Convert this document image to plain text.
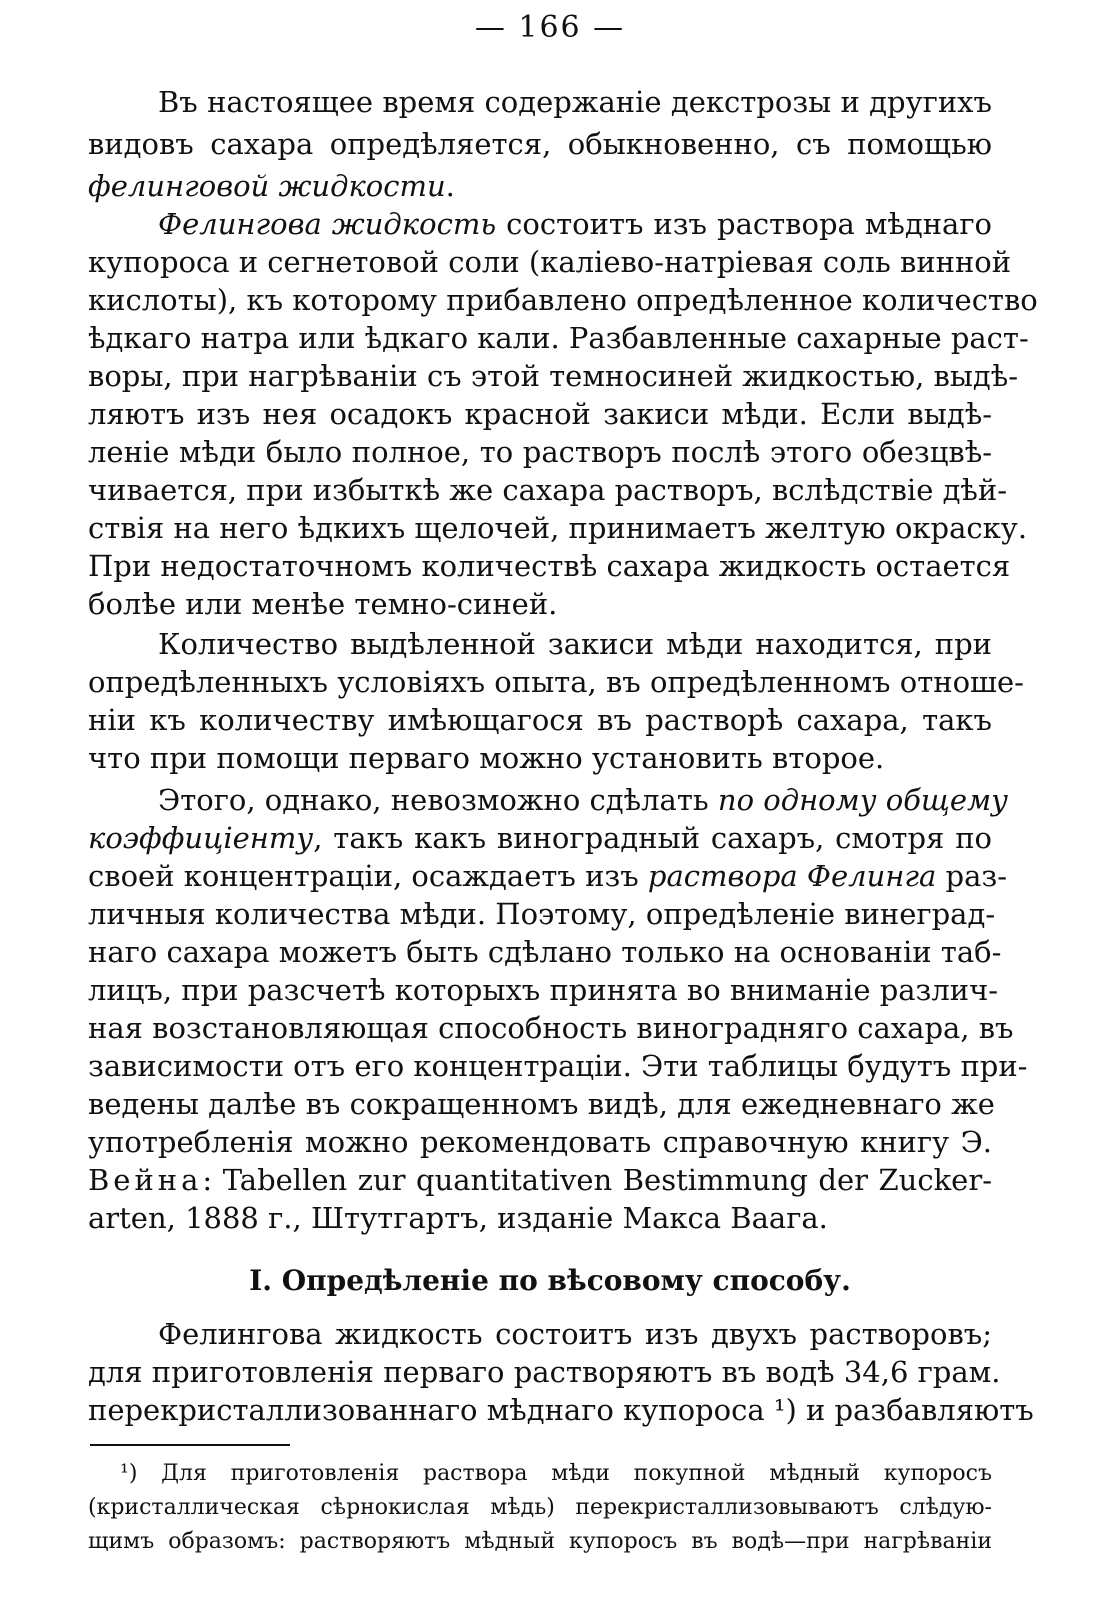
— 166 —
Въ настоящее время содержаніе декстрозы и другихъ
видовъ сахара опредѣляется, обыкновенно, съ помощью
фелинговой жидкости.
Фелингова жидкость состоитъ изъ раствора мѣднаго
купороса и сегнетовой соли (каліево-натріевая соль винной
кислоты), къ которому прибавлено опредѣленное количество
ѣдкаго натра или ѣдкаго кали. Разбавленные сахарные раст-
воры, при нагрѣваніи съ этой темносиней жидкостью, выдѣ-
ляютъ изъ нея осадокъ красной закиси мѣди. Если выдѣ-
леніе мѣди было полное, то растворъ послѣ этого обезцвѣ-
чивается, при избыткѣ же сахара растворъ, вслѣдствіе дѣй-
ствія на него ѣдкихъ щелочей, принимаетъ желтую окраску.
При недостаточномъ количествѣ сахара жидкость остается
болѣе или менѣе темно-синей.
Количество выдѣленной закиси мѣди находится, при
опредѣленныхъ условіяхъ опыта, въ опредѣленномъ отноше-
ніи къ количеству имѣющагося въ растворѣ сахара, такъ
что при помощи перваго можно установить второе.
Этого, однако, невозможно сдѣлать по одному общему
коэффиціенту, такъ какъ виноградный сахаръ, смотря по
своей концентраціи, осаждаетъ изъ раствора Фелинга раз-
личныя количества мѣди. Поэтому, опредѣленіе винеград-
наго сахара можетъ быть сдѣлано только на основаніи таб-
лицъ, при разсчетѣ которыхъ принята во вниманіе различ-
ная возстановляющая способность виноградняго сахара, въ
зависимости отъ его концентраціи. Эти таблицы будутъ при-
ведены далѣе въ сокращенномъ видѣ, для ежедневнаго же
употребленія можно рекомендовать справочную книгу Э.
Вейна: Tabellen zur quantitativen Bestimmung der Zucker-
arten, 1888 г., Штутгартъ, изданіе Макса Ваага.
I. Опредѣленіе по вѣсовому способу.
Фелингова жидкость состоитъ изъ двухъ растворовъ;
для приготовленія перваго растворяютъ въ водѣ 34,6 грам.
перекристаллизованнаго мѣднаго купороса ¹) и разбавляютъ
¹) Для приготовленія раствора мѣди покупной мѣдный купоросъ
(кристаллическая сѣрнокислая мѣдь) перекристаллизовываютъ слѣдую-
щимъ образомъ: растворяютъ мѣдный купоросъ въ водѣ—при нагрѣваніи
